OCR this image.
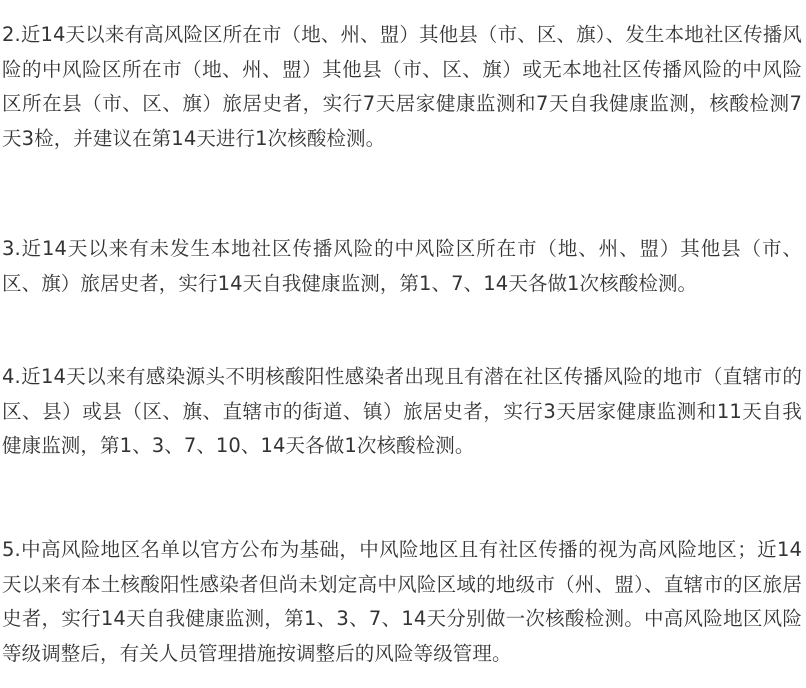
2.近14天以来有高风险区所在市（地、州、盟）其他县（市、区、旗）、发生本地社区传播风险的中风险区所在市（地、州、盟）其他县（市、区、旗）或无本地社区传播风险的中风险区所在县（市、区、旗）旅居史者，实行7天居家健康监测和7天自我健康监测，核酸检测7天3检，并建议在第14天进行1次核酸检测。

3.近14天以来有未发生本地社区传播风险的中风险区所在市（地、州、盟）其他县（市、区、旗）旅居史者，实行14天自我健康监测，第1、7、14天各做1次核酸检测。

4.近14天以来有感染源头不明核酸阳性感染者出现且有潜在社区传播风险的地市（直辖市的区、县）或县（区、旗、直辖市的街道、镇）旅居史者，实行3天居家健康监测和11天自我健康监测，第1、3、7、10、14天各做1次核酸检测。

5.中高风险地区名单以官方公布为基础，中风险地区且有社区传播的视为高风险地区；近14天以来有本土核酸阳性感染者但尚未划定高中风险区域的地级市（州、盟）、直辖市的区旅居史者，实行14天自我健康监测，第1、3、7、14天分别做一次核酸检测。中高风险地区风险等级调整后，有关人员管理措施按调整后的风险等级管理。
